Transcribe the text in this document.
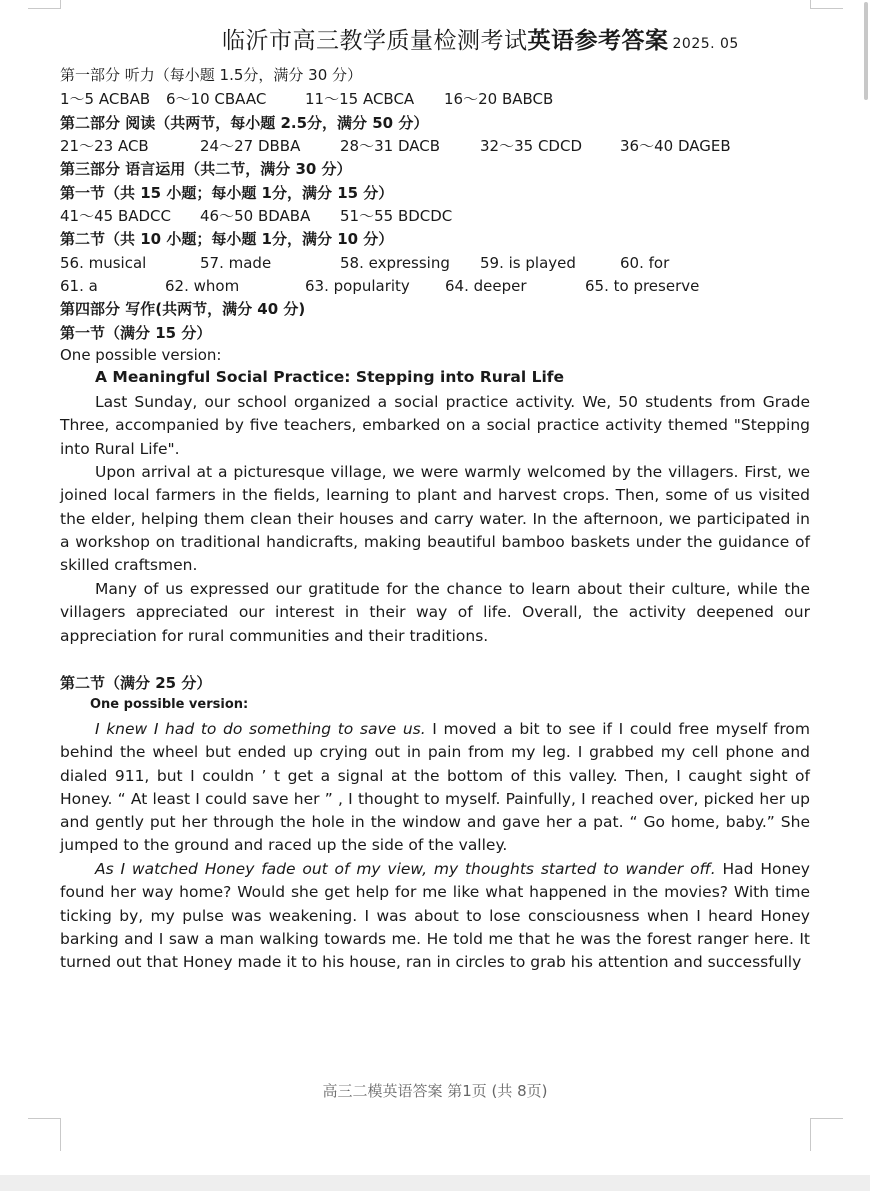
临沂市高三教学质量检测考试英语参考答案 2025. 05
第一部分 听力（每小题 1.5分，满分 30 分）
1～5 ACBAB 6～10 CBAAC	11～15 ACBCA 16～20 BABCB
第二部分 阅读（共两节，每小题 2.5分，满分 50 分）
21～23 ACB	24～27 DBBA	28～31 DACB	32～35 CDCD	36～40 DAGEB
第三部分 语言运用（共二节，满分 30 分）
第一节（共 15 小题；每小题 1分，满分 15 分）
41～45 BADCC 46～50 BDABA 51～55 BDCDC
第二节（共 10 小题；每小题 1分，满分 10 分）
56. musical	57. made	58. expressing 59. is played	60. for
61. a	62. whom	63. popularity 64. deeper	65. to preserve
第四部分 写作(共两节，满分 40 分)
第一节（满分 15 分）
One possible version:
A Meaningful Social Practice: Stepping into Rural Life

Last Sunday, our school organized a social practice activity. We, 50 students from Grade Three, accompanied by five teachers, embarked on a social practice activity themed "Stepping into Rural Life".

Upon arrival at a picturesque village, we were warmly welcomed by the villagers. First, we joined local farmers in the fields, learning to plant and harvest crops. Then, some of us visited the elder, helping them clean their houses and carry water. In the afternoon, we participated in a workshop on traditional handicrafts, making beautiful bamboo baskets under the guidance of skilled craftsmen.

Many of us expressed our gratitude for the chance to learn about their culture, while the villagers appreciated our interest in their way of life. Overall, the activity deepened our appreciation for rural communities and their traditions.

第二节（满分 25 分）
One possible version:

I knew I had to do something to save us. I moved a bit to see if I could free myself from behind the wheel but ended up crying out in pain from my leg. I grabbed my cell phone and dialed 911, but I couldn ’ t get a signal at the bottom of this valley. Then, I caught sight of Honey. “ At least I could save her ” , I thought to myself. Painfully, I reached over, picked her up and gently put her through the hole in the window and gave her a pat. “ Go home, baby.” She jumped to the ground and raced up the side of the valley.

As I watched Honey fade out of my view, my thoughts started to wander off. Had Honey found her way home? Would she get help for me like what happened in the movies? With time ticking by, my pulse was weakening. I was about to lose consciousness when I heard Honey barking and I saw a man walking towards me. He told me that he was the forest ranger here. It turned out that Honey made it to his house, ran in circles to grab his attention and successfully

高三二模英语答案 第1页 (共 8页)
